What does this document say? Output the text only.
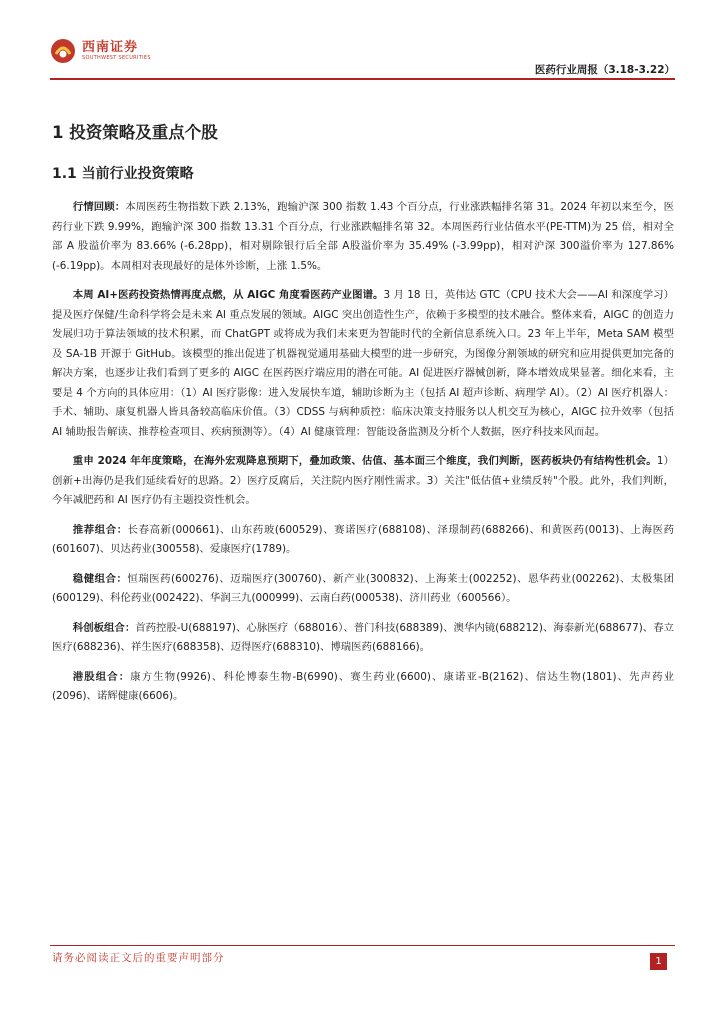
西南证券
SOUTHWEST SECURITIES
医药行业周报（3.18-3.22）
1 投资策略及重点个股
1.1 当前行业投资策略

行情回顾：本周医药生物指数下跌 2.13%，跑输沪深 300 指数 1.43 个百分点，行业涨跌幅排名第 31。2024 年初以来至今，医药行业下跌 9.99%，跑输沪深 300 指数 13.31 个百分点，行业涨跌幅排名第 32。本周医药行业估值水平(PE-TTM)为 25 倍，相对全部 A 股溢价率为 83.66% (-6.28pp)，相对剔除银行后全部 A股溢价率为 35.49% (-3.99pp)，相对沪深 300溢价率为 127.86% (-6.19pp)。本周相对表现最好的是体外诊断，上涨 1.5%。

本周 AI+医药投资热情再度点燃，从 AIGC 角度看医药产业图谱。3 月 18 日，英伟达 GTC（CPU 技术大会——AI 和深度学习）提及医疗保健/生命科学将会是未来 AI 重点发展的领域。AIGC 突出创造性生产，依赖于多模型的技术融合。整体来看，AIGC 的创造力发展归功于算法领域的技术积累，而 ChatGPT 或将成为我们未来更为智能时代的全新信息系统入口。23 年上半年，Meta SAM 模型及 SA-1B 开源于 GitHub。该模型的推出促进了机器视觉通用基础大模型的进一步研究，为图像分割领域的研究和应用提供更加完备的解决方案，也逐步让我们看到了更多的 AIGC 在医药医疗端应用的潜在可能。AI 促进医疗器械创新，降本增效成果显著。细化来看，主要是 4 个方向的具体应用：（1）AI 医疗影像：进入发展快车道，辅助诊断为主（包括 AI 超声诊断、病理学 AI）。（2）AI 医疗机器人：手术、辅助、康复机器人皆具备较高临床价值。（3）CDSS 与病种质控：临床决策支持服务以人机交互为核心，AIGC 拉升效率（包括 AI 辅助报告解读、推荐检查项目、疾病预测等）。（4）AI 健康管理：智能设备监测及分析个人数据，医疗科技来风而起。

重申 2024 年年度策略，在海外宏观降息预期下，叠加政策、估值、基本面三个维度，我们判断，医药板块仍有结构性机会。1）创新+出海仍是我们延续看好的思路。2）医疗反腐后，关注院内医疗刚性需求。3）关注"低估值+业绩反转"个股。此外，我们判断，今年减肥药和 AI 医疗仍有主题投资性机会。

推荐组合：长春高新(000661)、山东药玻(600529)、赛诺医疗(688108)、泽璟制药(688266)、和黄医药(0013)、上海医药(601607)、贝达药业(300558)、爱康医疗(1789)。

稳健组合：恒瑞医药(600276)、迈瑞医疗(300760)、新产业(300832)、上海莱士(002252)、恩华药业(002262)、太极集团(600129)、科伦药业(002422)、华润三九(000999)、云南白药(000538)、济川药业（600566）。

科创板组合：首药控股-U(688197)、心脉医疗（688016）、普门科技(688389)、澳华内镜(688212)、海泰新光(688677)、春立医疗(688236)、祥生医疗(688358)、迈得医疗(688310)、博瑞医药(688166)。

港股组合：康方生物(9926)、科伦博泰生物-B(6990)、赛生药业(6600)、康诺亚-B(2162)、信达生物(1801)、先声药业(2096)、诺辉健康(6606)。

请务必阅读正文后的重要声明部分	1
